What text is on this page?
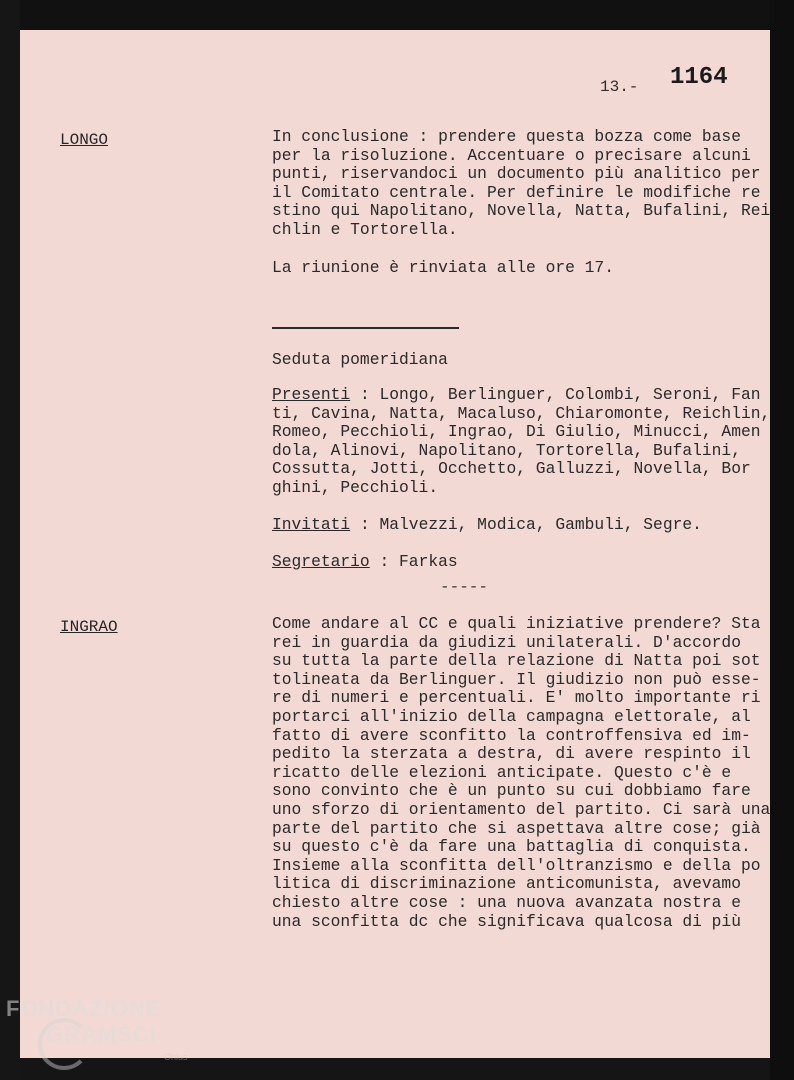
13.- 1164
LONGO	In conclusione : prendere questa bozza come base
per la risoluzione. Accentuare o precisare alcuni
punti, riservandoci un documento più analitico per
il Comitato centrale. Per definire le modifiche re
stino qui Napolitano, Novella, Natta, Bufalini, Rei
chlin e Tortorella.
La riunione è rinviata alle ore 17.
Seduta pomeridiana
Presenti : Longo, Berlinguer, Colombi, Seroni, Fan
ti, Cavina, Natta, Macaluso, Chiaromonte, Reichlin,
Romeo, Pecchioli, Ingrao, Di Giulio, Minucci, Amen
dola, Alinovi, Napolitano, Tortorella, Bufalini,
Cossutta, Jotti, Occhetto, Galluzzi, Novella, Bor
ghini, Pecchioli.
Invitati : Malvezzi, Modica, Gambuli, Segre.
Segretario : Farkas
-----
INGRAO	Come andare al CC e quali iniziative prendere? Sta
rei in guardia da giudizi unilaterali. D'accordo
su tutta la parte della relazione di Natta poi sot
tolineata da Berlinguer. Il giudizio non può esse-
re di numeri e percentuali. E' molto importante ri
portarci all'inizio della campagna elettorale, al
fatto di avere sconfitto la controffensiva ed im-
pedito la sterzata a destra, di avere respinto il
ricatto delle elezioni anticipate. Questo c'è e
sono convinto che è un punto su cui dobbiamo fare
uno sforzo di orientamento del partito. Ci sarà una
parte del partito che si aspettava altre cose; già
su questo c'è da fare una battaglia di conquista.
Insieme alla sconfitta dell'oltranzismo e della po
litica di discriminazione anticomunista, avevamo
chiesto altre cose : una nuova avanzata nostra e
una sconfitta dc che significava qualcosa di più
FONDAZIONE
GRAMSCI
Onlus
